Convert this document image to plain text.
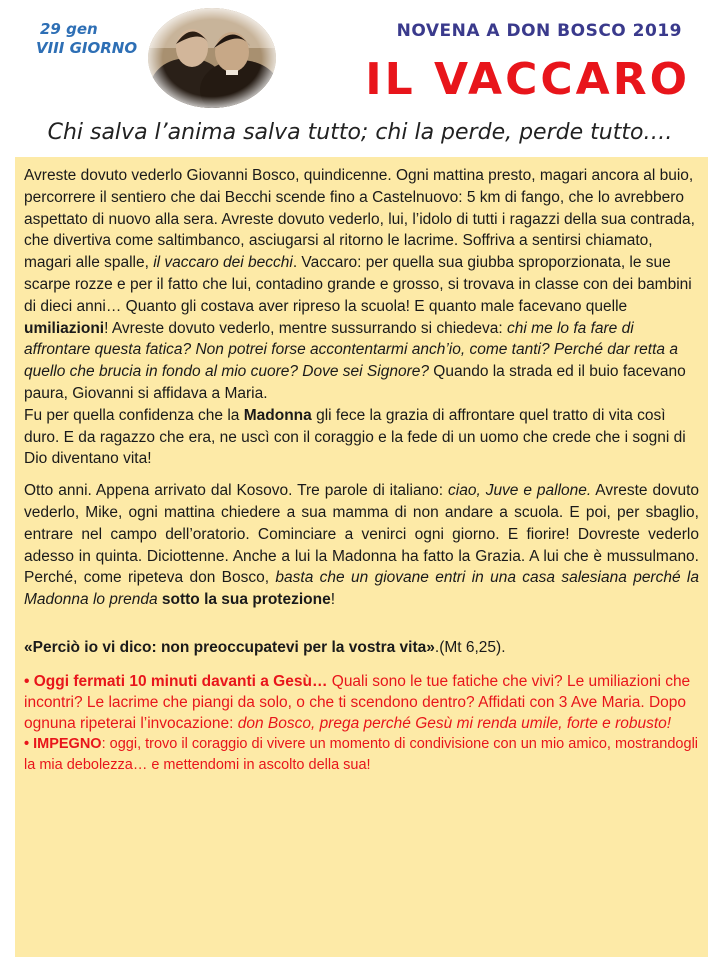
29 gen
VIII GIORNO
NOVENA A DON BOSCO 2019
IL VACCARO
Chi salva l’anima salva tutto; chi la perde, perde tutto….

Avreste dovuto vederlo Giovanni Bosco, quindicenne. Ogni mattina presto, magari ancora al buio, percorrere il sentiero che dai Becchi scende fino a Castelnuovo: 5 km di fango, che lo avrebbero aspettato di nuovo alla sera. Avreste dovuto vederlo, lui, l’idolo di tutti i ragazzi della sua contrada, che divertiva come saltimbanco, asciugarsi al ritorno le lacrime. Soffriva a sentirsi chiamato, magari alle spalle, il vaccaro dei becchi. Vaccaro: per quella sua giubba sproporzionata, le sue scarpe rozze e per il fatto che lui, contadino grande e grosso, si trovava in classe con dei bambini di dieci anni… Quanto gli costava aver ripreso la scuola! E quanto male facevano quelle umiliazioni! Avreste dovuto vederlo, mentre sussurrando si chiedeva: chi me lo fa fare di affrontare questa fatica? Non potrei forse accontentarmi anch’io, come tanti? Perché dar retta a quello che brucia in fondo al mio cuore? Dove sei Signore? Quando la strada ed il buio facevano paura, Giovanni si affidava a Maria.
Fu per quella confidenza che la Madonna gli fece la grazia di affrontare quel tratto di vita così duro. E da ragazzo che era, ne uscì con il coraggio e la fede di un uomo che crede che i sogni di Dio diventano vita!

Otto anni. Appena arrivato dal Kosovo. Tre parole di italiano: ciao, Juve e pallone. Avreste dovuto vederlo, Mike, ogni mattina chiedere a sua mamma di non andare a scuola. E poi, per sbaglio, entrare nel campo dell’oratorio. Cominciare a venirci ogni giorno. E fiorire! Dovreste vederlo adesso in quinta. Diciottenne. Anche a lui la Madonna ha fatto la Grazia. A lui che è mussulmano. Perché, come ripeteva don Bosco, basta che un giovane entri in una casa salesiana perché la Madonna lo prenda sotto la sua protezione!

«Perciò io vi dico: non preoccupatevi per la vostra vita».(Mt 6,25).

• Oggi fermati 10 minuti davanti a Gesù… Quali sono le tue fatiche che vivi? Le umiliazioni che incontri? Le lacrime che piangi da solo, o che ti scendono dentro? Affidati con 3 Ave Maria. Dopo ognuna ripeterai l’invocazione: don Bosco, prega perché Gesù mi renda umile, forte e robusto!

• IMPEGNO: oggi, trovo il coraggio di vivere un momento di condivisione con un mio amico, mostrandogli la mia debolezza… e mettendomi in ascolto della sua!
